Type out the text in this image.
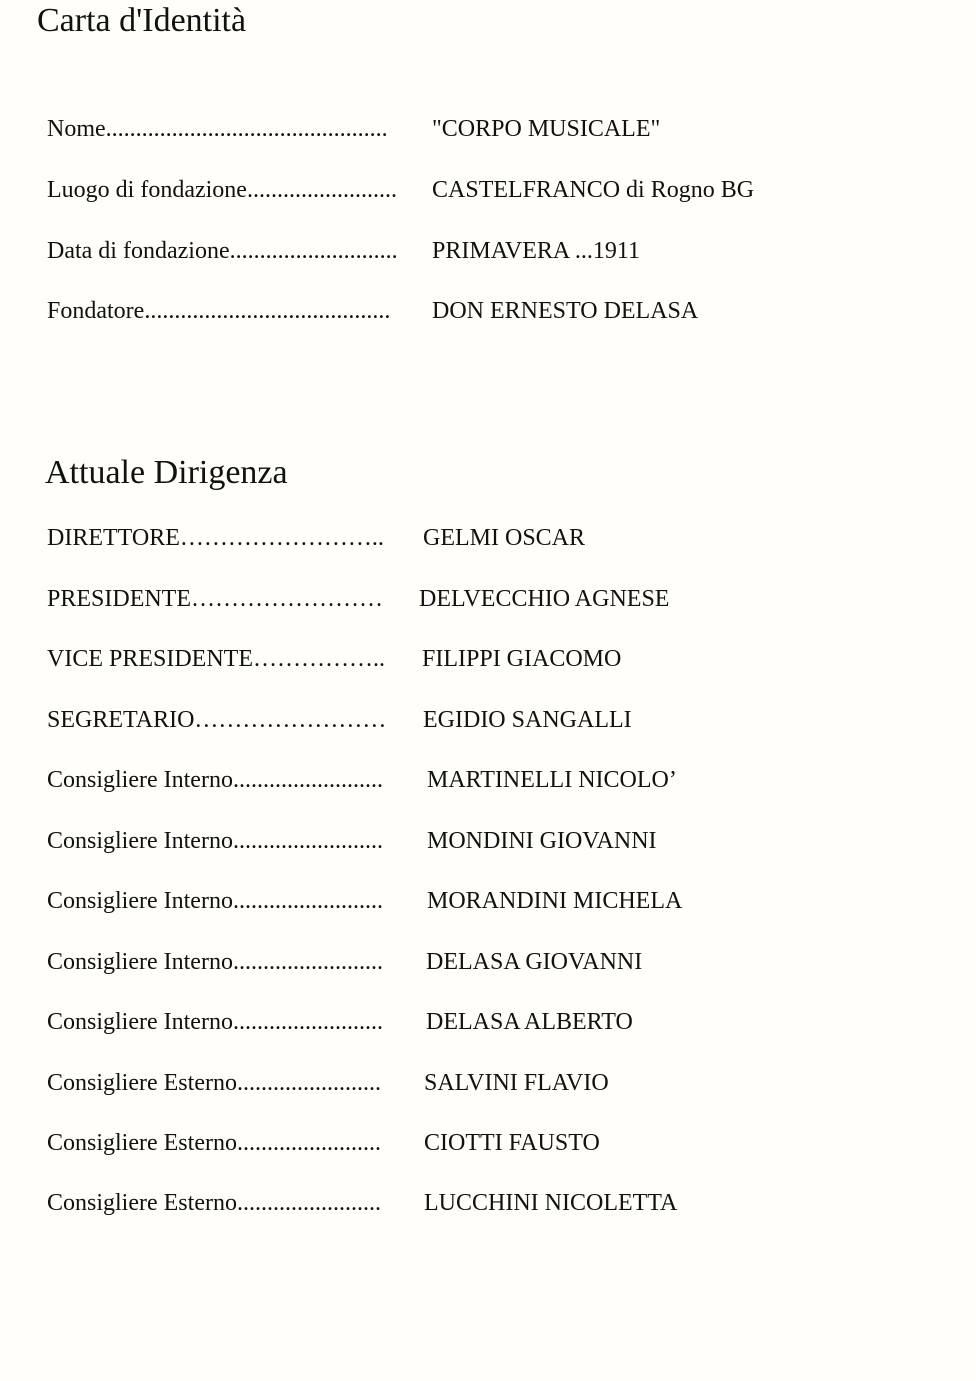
Carta d'Identità
Nome............................................... "CORPO MUSICALE"
Luogo di fondazione......................... CASTELFRANCO di Rogno BG
Data di fondazione............................ PRIMAVERA ...1911
Fondatore......................................... DON ERNESTO DELASA
Attuale Dirigenza
DIRETTORE…………………….. GELMI OSCAR
PRESIDENTE…………………… DELVECCHIO AGNESE
VICE PRESIDENTE…………….. FILIPPI GIACOMO
SEGRETARIO…………………… EGIDIO SANGALLI
Consigliere Interno......................... MARTINELLI NICOLO’
Consigliere Interno......................... MONDINI GIOVANNI
Consigliere Interno......................... MORANDINI MICHELA
Consigliere Interno......................... DELASA GIOVANNI
Consigliere Interno......................... DELASA ALBERTO
Consigliere Esterno........................ SALVINI FLAVIO
Consigliere Esterno........................ CIOTTI FAUSTO
Consigliere Esterno........................ LUCCHINI NICOLETTA
